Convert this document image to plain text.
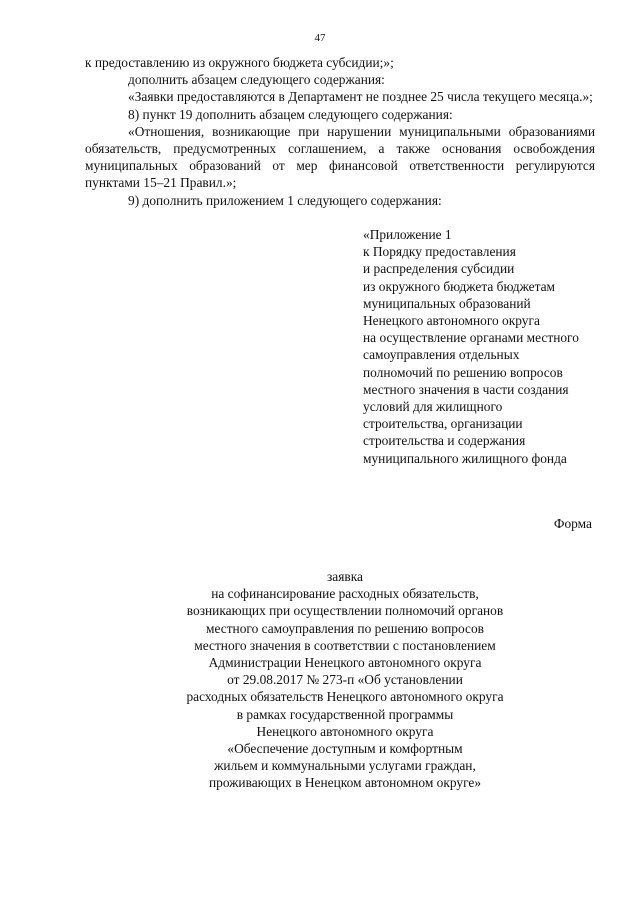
47

к предоставлению из окружного бюджета субсидии;»;

дополнить абзацем следующего содержания:

«Заявки предоставляются в Департамент не позднее 25 числа текущего месяца.»;

8) пункт 19 дополнить абзацем следующего содержания:

«Отношения, возникающие при нарушении муниципальными образованиями обязательств, предусмотренных соглашением, а также основания освобождения муниципальных образований от мер финансовой ответственности регулируются пунктами 15–21 Правил.»;

9) дополнить приложением 1 следующего содержания:

«Приложение 1
к Порядку предоставления
и распределения субсидии
из окружного бюджета бюджетам
муниципальных образований
Ненецкого автономного округа
на осуществление органами местного
самоуправления отдельных
полномочий по решению вопросов
местного значения в части создания
условий для жилищного
строительства, организации
строительства и содержания
муниципального жилищного фонда
Форма
заявка
на софинансирование расходных обязательств,
возникающих при осуществлении полномочий органов
местного самоуправления по решению вопросов
местного значения в соответствии с постановлением
Администрации Ненецкого автономного округа
от 29.08.2017 № 273-п «Об установлении
расходных обязательств Ненецкого автономного округа
в рамках государственной программы
Ненецкого автономного округа
«Обеспечение доступным и комфортным
жильем и коммунальными услугами граждан,
проживающих в Ненецком автономном округе»
